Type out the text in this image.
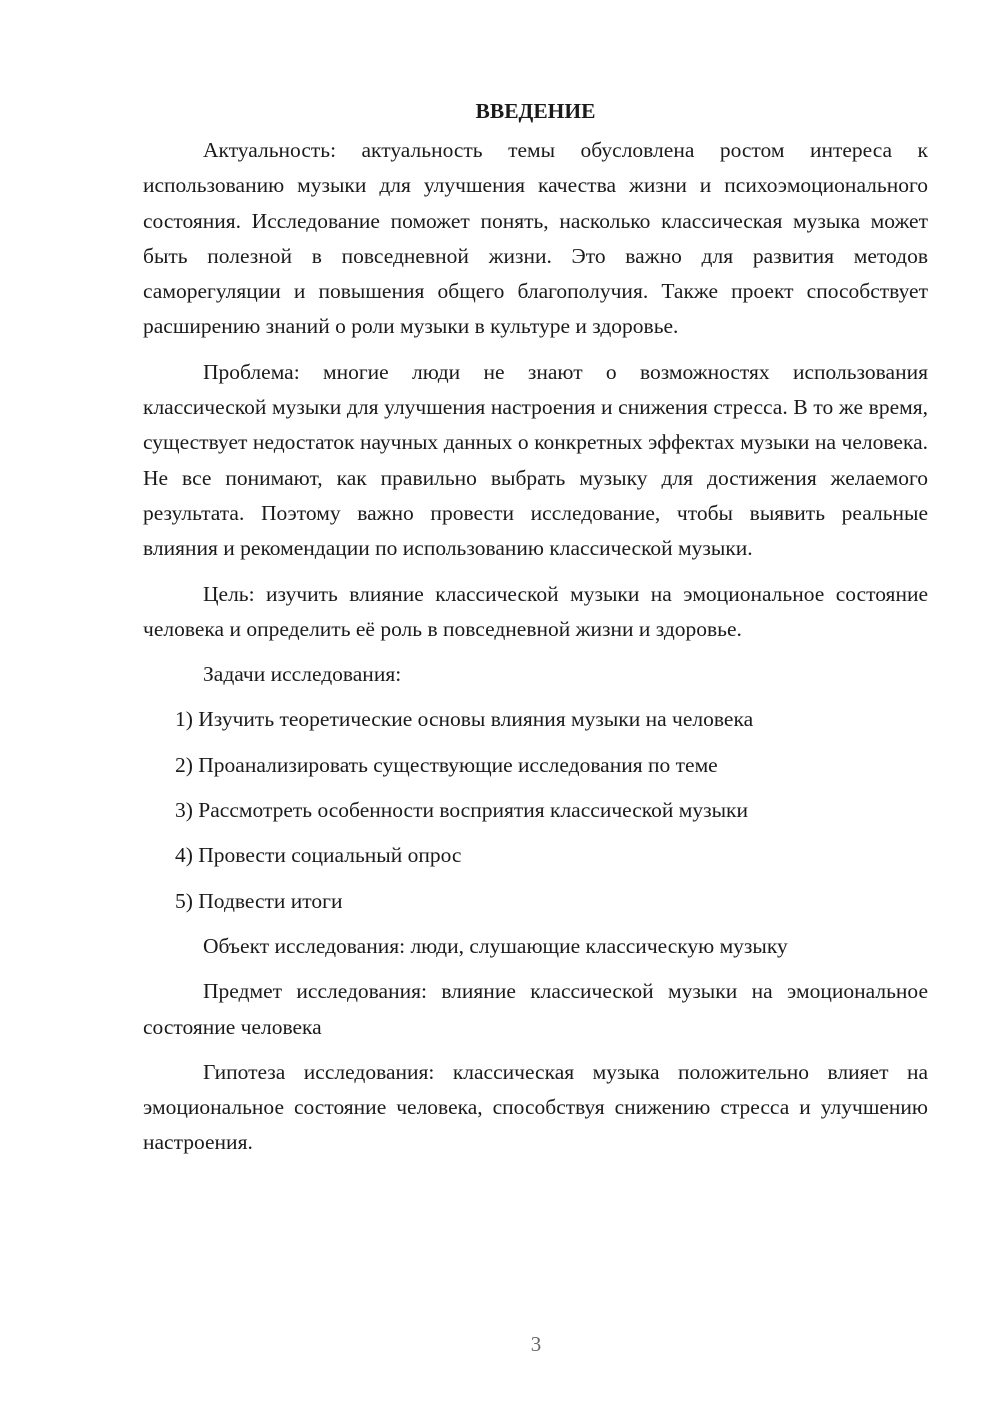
ВВЕДЕНИЕ

Актуальность: актуальность темы обусловлена ростом интереса к использованию музыки для улучшения качества жизни и психоэмоционального состояния. Исследование поможет понять, насколько классическая музыка может быть полезной в повседневной жизни. Это важно для развития методов саморегуляции и повышения общего благополучия. Также проект способствует расширению знаний о роли музыки в культуре и здоровье.

Проблема: многие люди не знают о возможностях использования классической музыки для улучшения настроения и снижения стресса. В то же время, существует недостаток научных данных о конкретных эффектах музыки на человека. Не все понимают, как правильно выбрать музыку для достижения желаемого результата. Поэтому важно провести исследование, чтобы выявить реальные влияния и рекомендации по использованию классической музыки.

Цель: изучить влияние классической музыки на эмоциональное состояние человека и определить её роль в повседневной жизни и здоровье.

Задачи исследования:

1) Изучить теоретические основы влияния музыки на человека
2) Проанализировать существующие исследования по теме
3) Рассмотреть особенности восприятия классической музыки
4) Провести социальный опрос
5) Подвести итоги

Объект исследования: люди, слушающие классическую музыку

Предмет исследования: влияние классической музыки на эмоциональное состояние человека

Гипотеза исследования: классическая музыка положительно влияет на эмоциональное состояние человека, способствуя снижению стресса и улучшению настроения.

3
